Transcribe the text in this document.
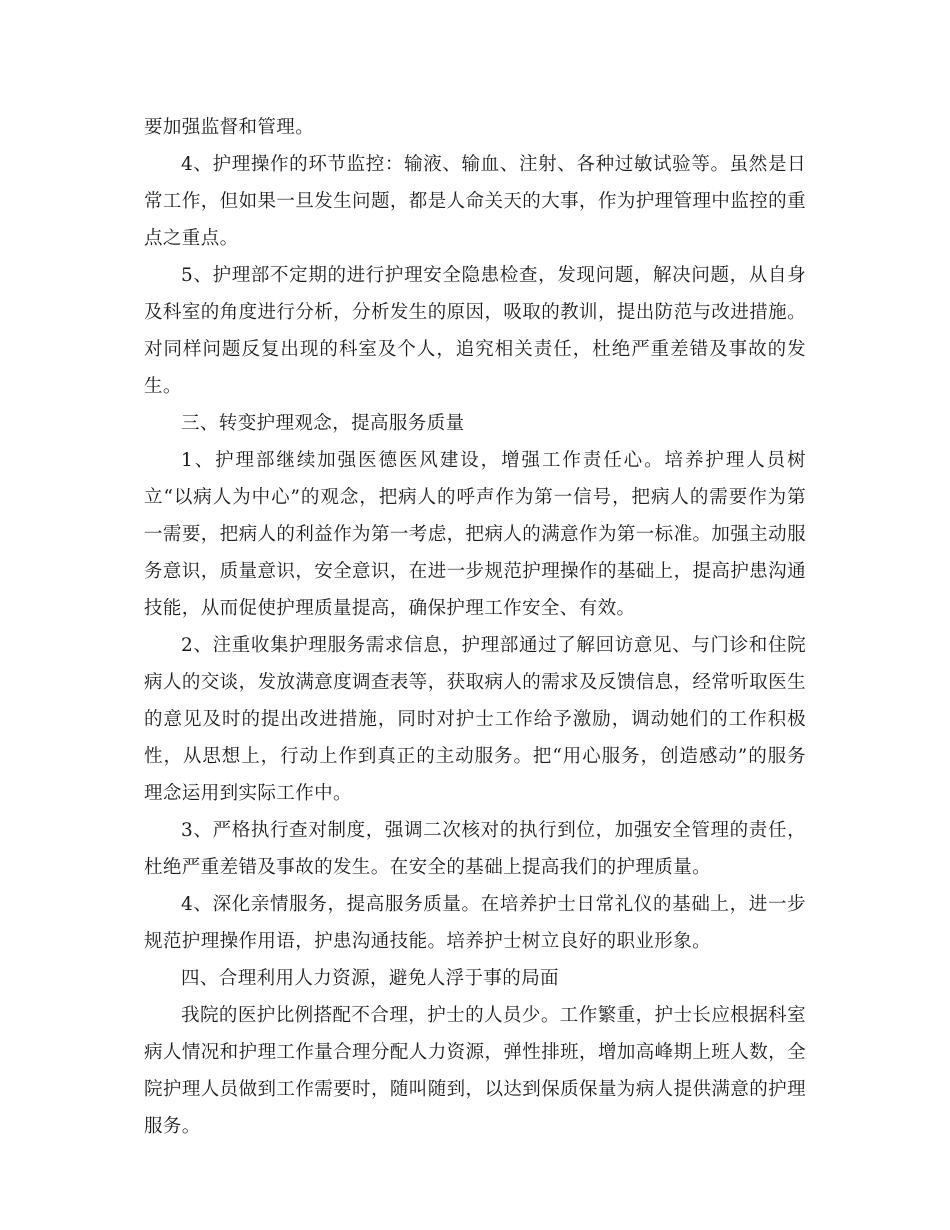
要加强监督和管理。

4、护理操作的环节监控：输液、输血、注射、各种过敏试验等。虽然是日常工作，但如果一旦发生问题，都是人命关天的大事，作为护理管理中监控的重点之重点。

5、护理部不定期的进行护理安全隐患检查，发现问题，解决问题，从自身及科室的角度进行分析，分析发生的原因，吸取的教训，提出防范与改进措施。对同样问题反复出现的科室及个人，追究相关责任，杜绝严重差错及事故的发生。

三、转变护理观念，提高服务质量

1、护理部继续加强医德医风建设，增强工作责任心。培养护理人员树立“以病人为中心”的观念，把病人的呼声作为第一信号，把病人的需要作为第一需要，把病人的利益作为第一考虑，把病人的满意作为第一标准。加强主动服务意识，质量意识，安全意识，在进一步规范护理操作的基础上，提高护患沟通技能，从而促使护理质量提高，确保护理工作安全、有效。

2、注重收集护理服务需求信息，护理部通过了解回访意见、与门诊和住院病人的交谈，发放满意度调查表等，获取病人的需求及反馈信息，经常听取医生的意见及时的提出改进措施，同时对护士工作给予激励，调动她们的工作积极性，从思想上，行动上作到真正的主动服务。把“用心服务，创造感动”的服务理念运用到实际工作中。

3、严格执行查对制度，强调二次核对的执行到位，加强安全管理的责任，杜绝严重差错及事故的发生。在安全的基础上提高我们的护理质量。

4、深化亲情服务，提高服务质量。在培养护士日常礼仪的基础上，进一步规范护理操作用语，护患沟通技能。培养护士树立良好的职业形象。

四、合理利用人力资源，避免人浮于事的局面

我院的医护比例搭配不合理，护士的人员少。工作繁重，护士长应根据科室病人情况和护理工作量合理分配人力资源，弹性排班，增加高峰期上班人数，全院护理人员做到工作需要时，随叫随到，以达到保质保量为病人提供满意的护理服务。
